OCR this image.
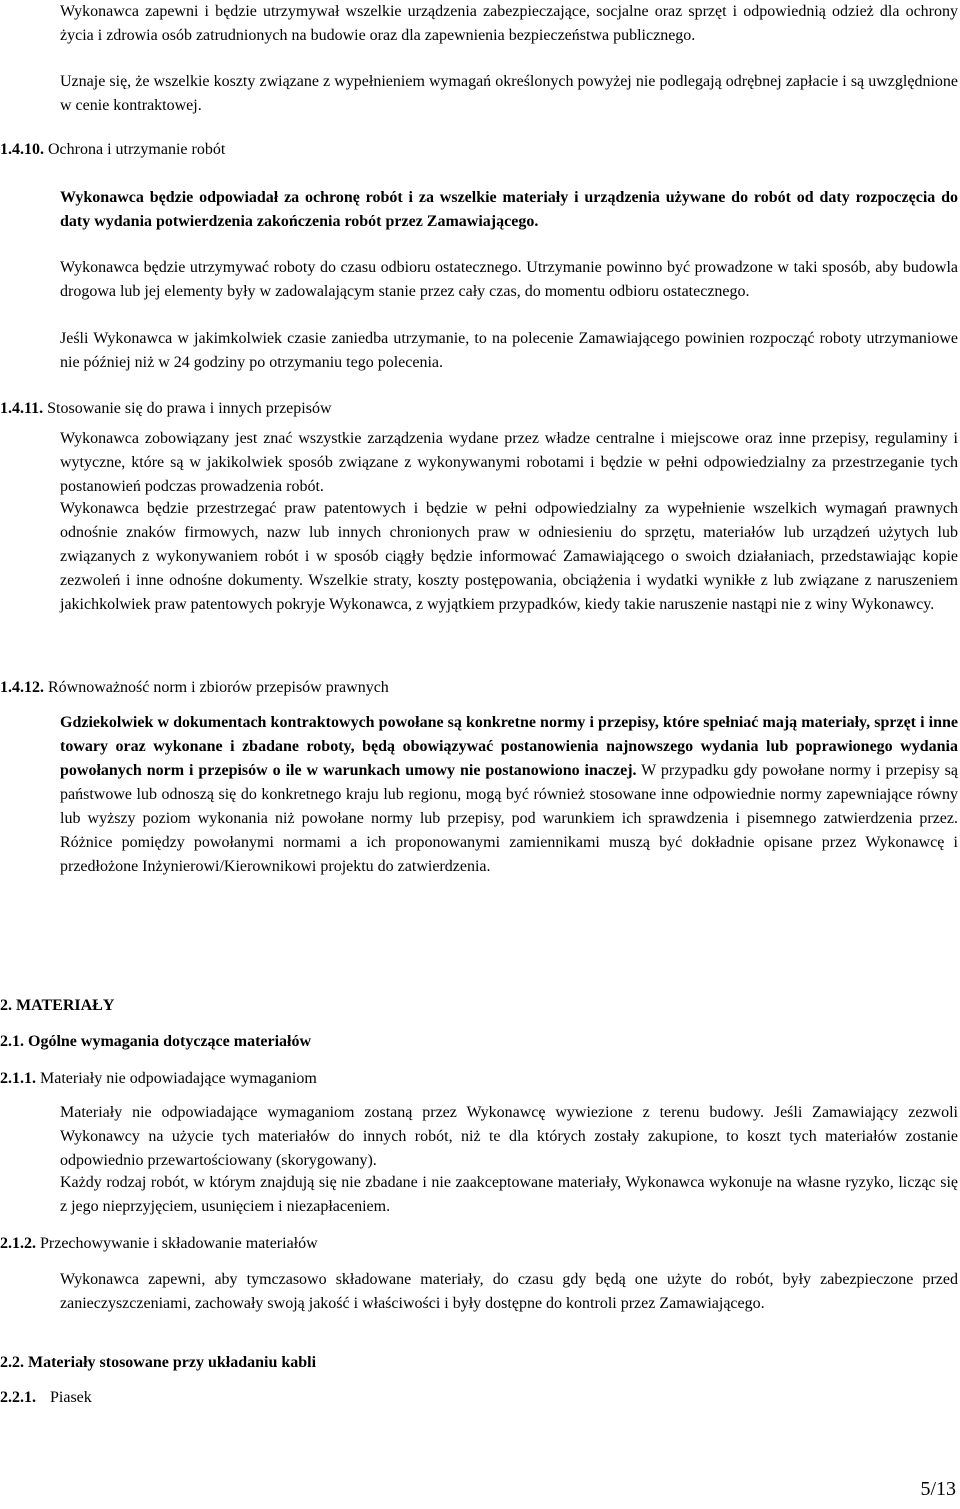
Wykonawca zapewni i będzie utrzymywał wszelkie urządzenia zabezpieczające, socjalne oraz sprzęt i odpowiednią odzież dla ochrony życia i zdrowia osób zatrudnionych na budowie oraz dla zapewnienia bezpieczeństwa publicznego.

Uznaje się, że wszelkie koszty związane z wypełnieniem wymagań określonych powyżej nie podlegają odrębnej zapłacie i są uwzględnione w cenie kontraktowej.

1.4.10. Ochrona i utrzymanie robót

Wykonawca będzie odpowiadał za ochronę robót i za wszelkie materiały i urządzenia używane do robót od daty rozpoczęcia do daty wydania potwierdzenia zakończenia robót przez Zamawiającego.

Wykonawca będzie utrzymywać roboty do czasu odbioru ostatecznego. Utrzymanie powinno być prowadzone w taki sposób, aby budowla drogowa lub jej elementy były w zadowalającym stanie przez cały czas, do momentu odbioru ostatecznego.

Jeśli Wykonawca w jakimkolwiek czasie zaniedba utrzymanie, to na polecenie Zamawiającego powinien rozpocząć roboty utrzymaniowe nie później niż w 24 godziny po otrzymaniu tego polecenia.

1.4.11. Stosowanie się do prawa i innych przepisów

Wykonawca zobowiązany jest znać wszystkie zarządzenia wydane przez władze centralne i miejscowe oraz inne przepisy, regulaminy i wytyczne, które są w jakikolwiek sposób związane z wykonywanymi robotami i będzie w pełni odpowiedzialny za przestrzeganie tych postanowień podczas prowadzenia robót.

Wykonawca będzie przestrzegać praw patentowych i będzie w pełni odpowiedzialny za wypełnienie wszelkich wymagań prawnych odnośnie znaków firmowych, nazw lub innych chronionych praw w odniesieniu do sprzętu, materiałów lub urządzeń użytych lub związanych z wykonywaniem robót i w sposób ciągły będzie informować Zamawiającego o swoich działaniach, przedstawiając kopie zezwoleń i inne odnośne dokumenty. Wszelkie straty, koszty postępowania, obciążenia i wydatki wynikłe z lub związane z naruszeniem jakichkolwiek praw patentowych pokryje Wykonawca, z wyjątkiem przypadków, kiedy takie naruszenie nastąpi nie z winy Wykonawcy.

1.4.12. Równoważność norm i zbiorów przepisów prawnych

Gdziekolwiek w dokumentach kontraktowych powołane są konkretne normy i przepisy, które spełniać mają materiały, sprzęt i inne towary oraz wykonane i zbadane roboty, będą obowiązywać postanowienia najnowszego wydania lub poprawionego wydania powołanych norm i przepisów o ile w warunkach umowy nie postanowiono inaczej. W przypadku gdy powołane normy i przepisy są państwowe lub odnoszą się do konkretnego kraju lub regionu, mogą być również stosowane inne odpowiednie normy zapewniające równy lub wyższy poziom wykonania niż powołane normy lub przepisy, pod warunkiem ich sprawdzenia i pisemnego zatwierdzenia przez. Różnice pomiędzy powołanymi normami a ich proponowanymi zamiennikami muszą być dokładnie opisane przez Wykonawcę i przedłożone Inżynierowi/Kierownikowi projektu do zatwierdzenia.

2. MATERIAŁY
2.1. Ogólne wymagania dotyczące materiałów
2.1.1. Materiały nie odpowiadające wymaganiom

Materiały nie odpowiadające wymaganiom zostaną przez Wykonawcę wywiezione z terenu budowy. Jeśli Zamawiający zezwoli Wykonawcy na użycie tych materiałów do innych robót, niż te dla których zostały zakupione, to koszt tych materiałów zostanie odpowiednio przewartościowany (skorygowany).

Każdy rodzaj robót, w którym znajdują się nie zbadane i nie zaakceptowane materiały, Wykonawca wykonuje na własne ryzyko, licząc się z jego nieprzyjęciem, usunięciem i niezapłaceniem.

2.1.2. Przechowywanie i składowanie materiałów

Wykonawca zapewni, aby tymczasowo składowane materiały, do czasu gdy będą one użyte do robót, były zabezpieczone przed zanieczyszczeniami, zachowały swoją jakość i właściwości i były dostępne do kontroli przez Zamawiającego.

2.2. Materiały stosowane przy układaniu kabli
2.2.1. Piasek
5/13
